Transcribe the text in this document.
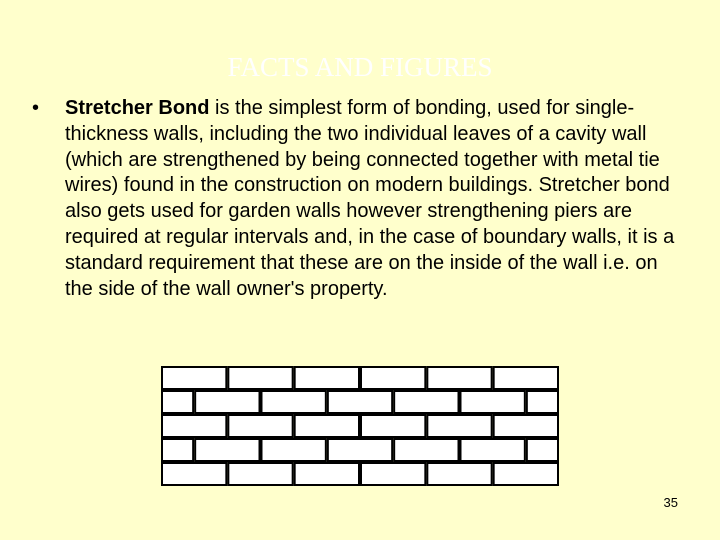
FACTS AND FIGURES
•	Stretcher Bond is the simplest form of bonding, used for single-thickness walls, including the two individual leaves of a cavity wall (which are strengthened by being connected together with metal tie wires) found in the construction on modern buildings. Stretcher bond also gets used for garden walls however strengthening piers are required at regular intervals and, in the case of boundary walls, it is a standard requirement that these are on the inside of the wall i.e. on the side of the wall owner's property.
35
